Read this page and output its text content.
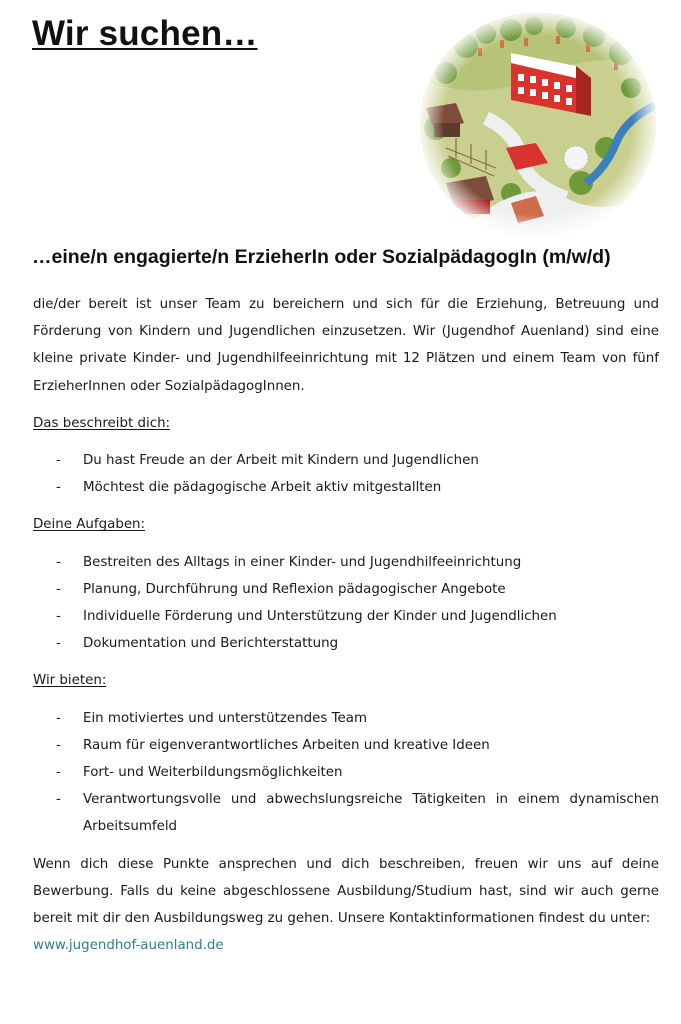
Wir suchen…
…eine/n engagierte/n ErzieherIn oder SozialpädagogIn (m/w/d)

die/der bereit ist unser Team zu bereichern und sich für die Erziehung, Betreuung und Förderung von Kindern und Jugendlichen einzusetzen. Wir (Jugendhof Auenland) sind eine kleine private Kinder- und Jugendhilfeeinrichtung mit 12 Plätzen und einem Team von fünf ErzieherInnen oder SozialpädagogInnen.

Das beschreibt dich:

- Du hast Freude an der Arbeit mit Kindern und Jugendlichen
- Möchtest die pädagogische Arbeit aktiv mitgestallten

Deine Aufgaben:

- Bestreiten des Alltags in einer Kinder- und Jugendhilfeeinrichtung
- Planung, Durchführung und Reflexion pädagogischer Angebote
- Individuelle Förderung und Unterstützung der Kinder und Jugendlichen
- Dokumentation und Berichterstattung

Wir bieten:

- Ein motiviertes und unterstützendes Team
- Raum für eigenverantwortliches Arbeiten und kreative Ideen
- Fort- und Weiterbildungsmöglichkeiten
- Verantwortungsvolle und abwechslungsreiche Tätigkeiten in einem dynamischen Arbeitsumfeld

Wenn dich diese Punkte ansprechen und dich beschreiben, freuen wir uns auf deine Bewerbung. Falls du keine abgeschlossene Ausbildung/Studium hast, sind wir auch gerne bereit mit dir den Ausbildungsweg zu gehen. Unsere Kontaktinformationen findest du unter:

www.jugendhof-auenland.de
